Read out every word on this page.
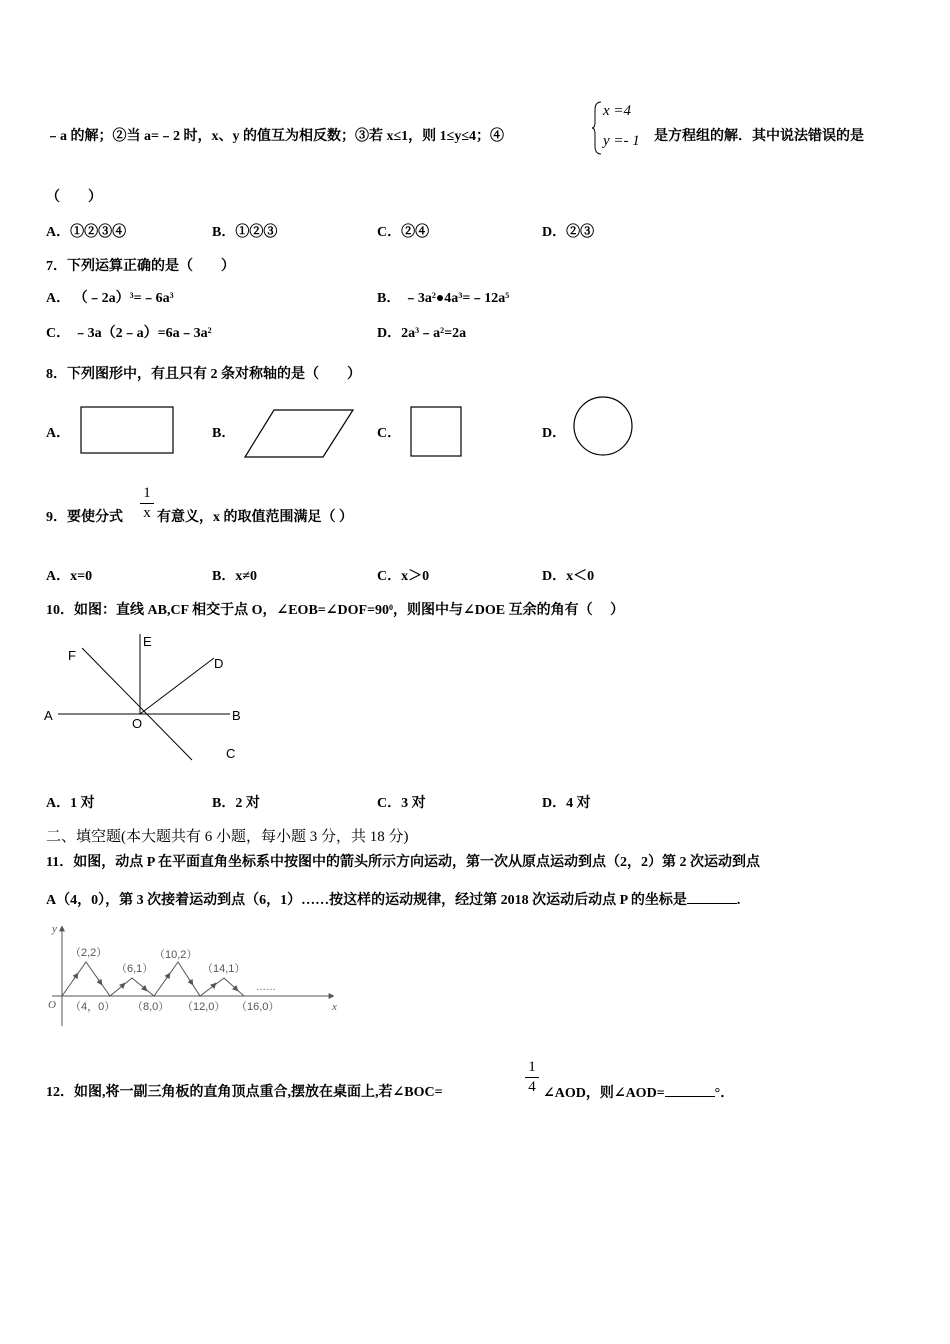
﹣a 的解；②当 a=﹣2 时，x、y 的值互为相反数；③若 x≤1，则 1≤y≤4；④
x =4
y =- 1 是方程组的解．其中说法错误的是
（　　）
A．①②③④	B．①②③	C．②④	D．②③
7．下列运算正确的是（　　）
A． $(﹣2a)^3=﹣6a^3$	B． $﹣3a^2●4a^3=﹣12a^5$
C． $﹣3a(2﹣a)=6a﹣3a^2$	D．$2a^3﹣a^2=2a$
8．下列图形中，有且只有 2 条对称轴的是（　　）
A．	B．	C．	D．
9．要使分式
1
x 有意义，x 的取值范围满足（ ）
A．x=0	B．x≠0	C．x＞0	D．x＜0
10．如图：直线 AB,CF 相交于点 O，$\angle EOB=\angle DOF=90^0$，则图中与∠DOE 互余的角有（　 ）
A	B
C
D
E
F
O
A．1 对	B．2 对	C．3 对	D．4 对
二、填空题(本大题共有 6 小题，每小题 3 分，共 18 分)
11．如图，动点 P 在平面直角坐标系中按图中的箭头所示方向运动，第一次从原点运动到点（2，2）第 2 次运动到点
A（4，0），第 3 次接着运动到点（6，1）……按这样的运动规律，经过第 2018 次运动后动点 P 的坐标是	.
y
x
O
（2,2）
（6,1）
（10,2）
（14,1）
（4，0） （8,0） （12,0） （16,0）
……
12．如图,将一副三角板的直角顶点重合,摆放在桌面上,若∠BOC=
1
4 ∠AOD，则∠AOD=	°．
